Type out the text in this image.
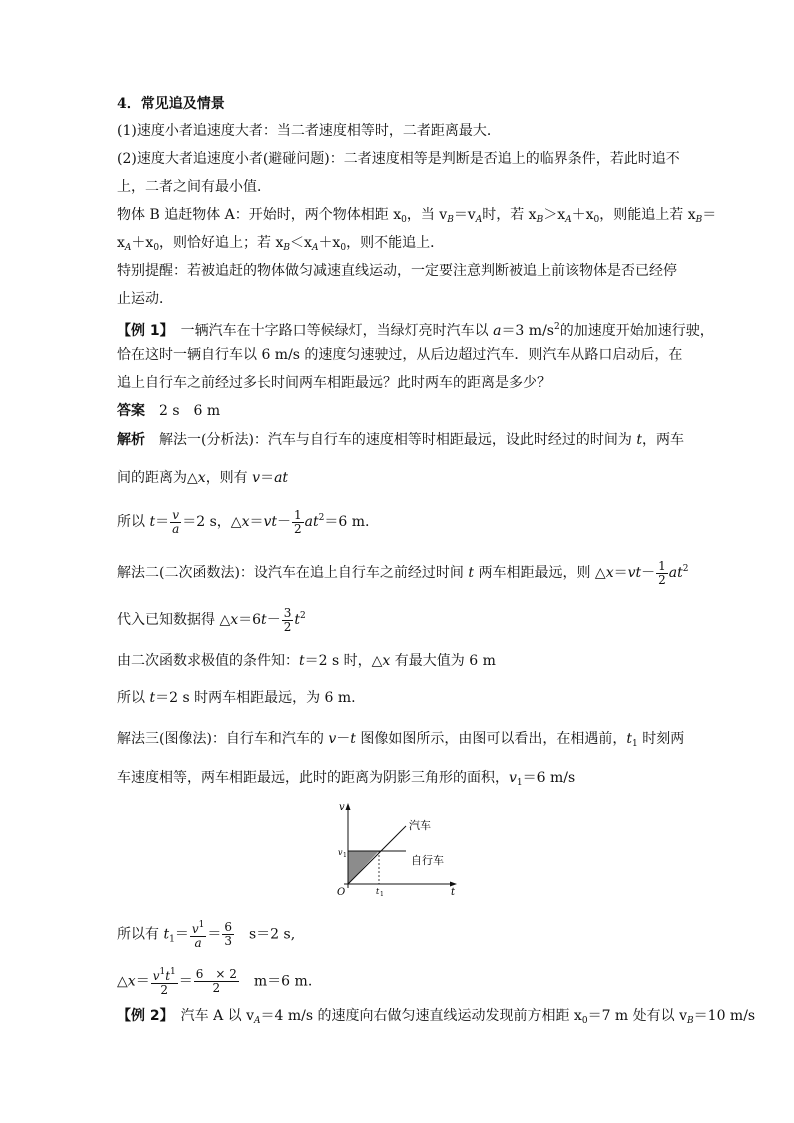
4．常见追及情景
(1)速度小者追速度大者：当二者速度相等时，二者距离最大．
(2)速度大者追速度小者(避碰问题)：二者速度相等是判断是否追上的临界条件，若此时追不
上，二者之间有最小值．
物体 B 追赶物体 A：开始时，两个物体相距 $x_0$，当 $v_B=v_A$时，若 $x_B>x_A+x_0$，则能追上若 $x_B=$
$x_A+x_0$，则恰好追上；若 $x_B<x_A+x_0$，则不能追上．
特别提醒：若被追赶的物体做匀减速直线运动，一定要注意判断被追上前该物体是否已经停
止运动．
【例 1】　一辆汽车在十字路口等候绿灯，当绿灯亮时汽车以 a＝3 $m/s^2$的加速度开始加速行驶，
恰在这时一辆自行车以 6 m/s 的速度匀速驶过，从后边超过汽车．则汽车从路口启动后，在
追上自行车之前经过多长时间两车相距最远？此时两车的距离是多少？
答案　 2 s　6 m
解析　解法一(分析法)：汽车与自行车的速度相等时相距最远，设此时经过的时间为 t，两车
间的距离为△x，则有 v＝at
所以 $t= \frac{v}{a} =2$ s，△x＝vt－ $\frac{1}{2} at^2=6$ m.
解法二(二次函数法)：设汽车在追上自行车之前经过时间 t 两车相距最远，则 △x＝vt－ $\frac{1}{2} at^2$
代入已知数据得 △x＝6t－ $\frac{3}{2} t^2$
由二次函数求极值的条件知：t＝2 s 时，△x 有最大值为 6 m
所以 t＝2 s 时两车相距最远，为 6 m.
解法三(图像法)：自行车和汽车的 v－t 图像如图所示，由图可以看出，在相遇前，$t_1$ 时刻两
车速度相等，两车相距最远，此时的距离为阴影三角形的面积，$v_1=6$ m/s
v
t
O
v 1
t 1
汽车
自行车
所以有 $t_1= \frac{v^1}{a} = \frac{6}{3}$
　 s＝2 s,
△x＝ $\frac{v^1t^1}{2} = \frac{6 \times 2}{2}$
　 m＝6 m.
【例 2】　汽车 A 以 $v_A=4$ m/s 的速度向右做匀速直线运动发现前方相距 $x_0=7$ m 处有以 $v_B=10$ m/s
